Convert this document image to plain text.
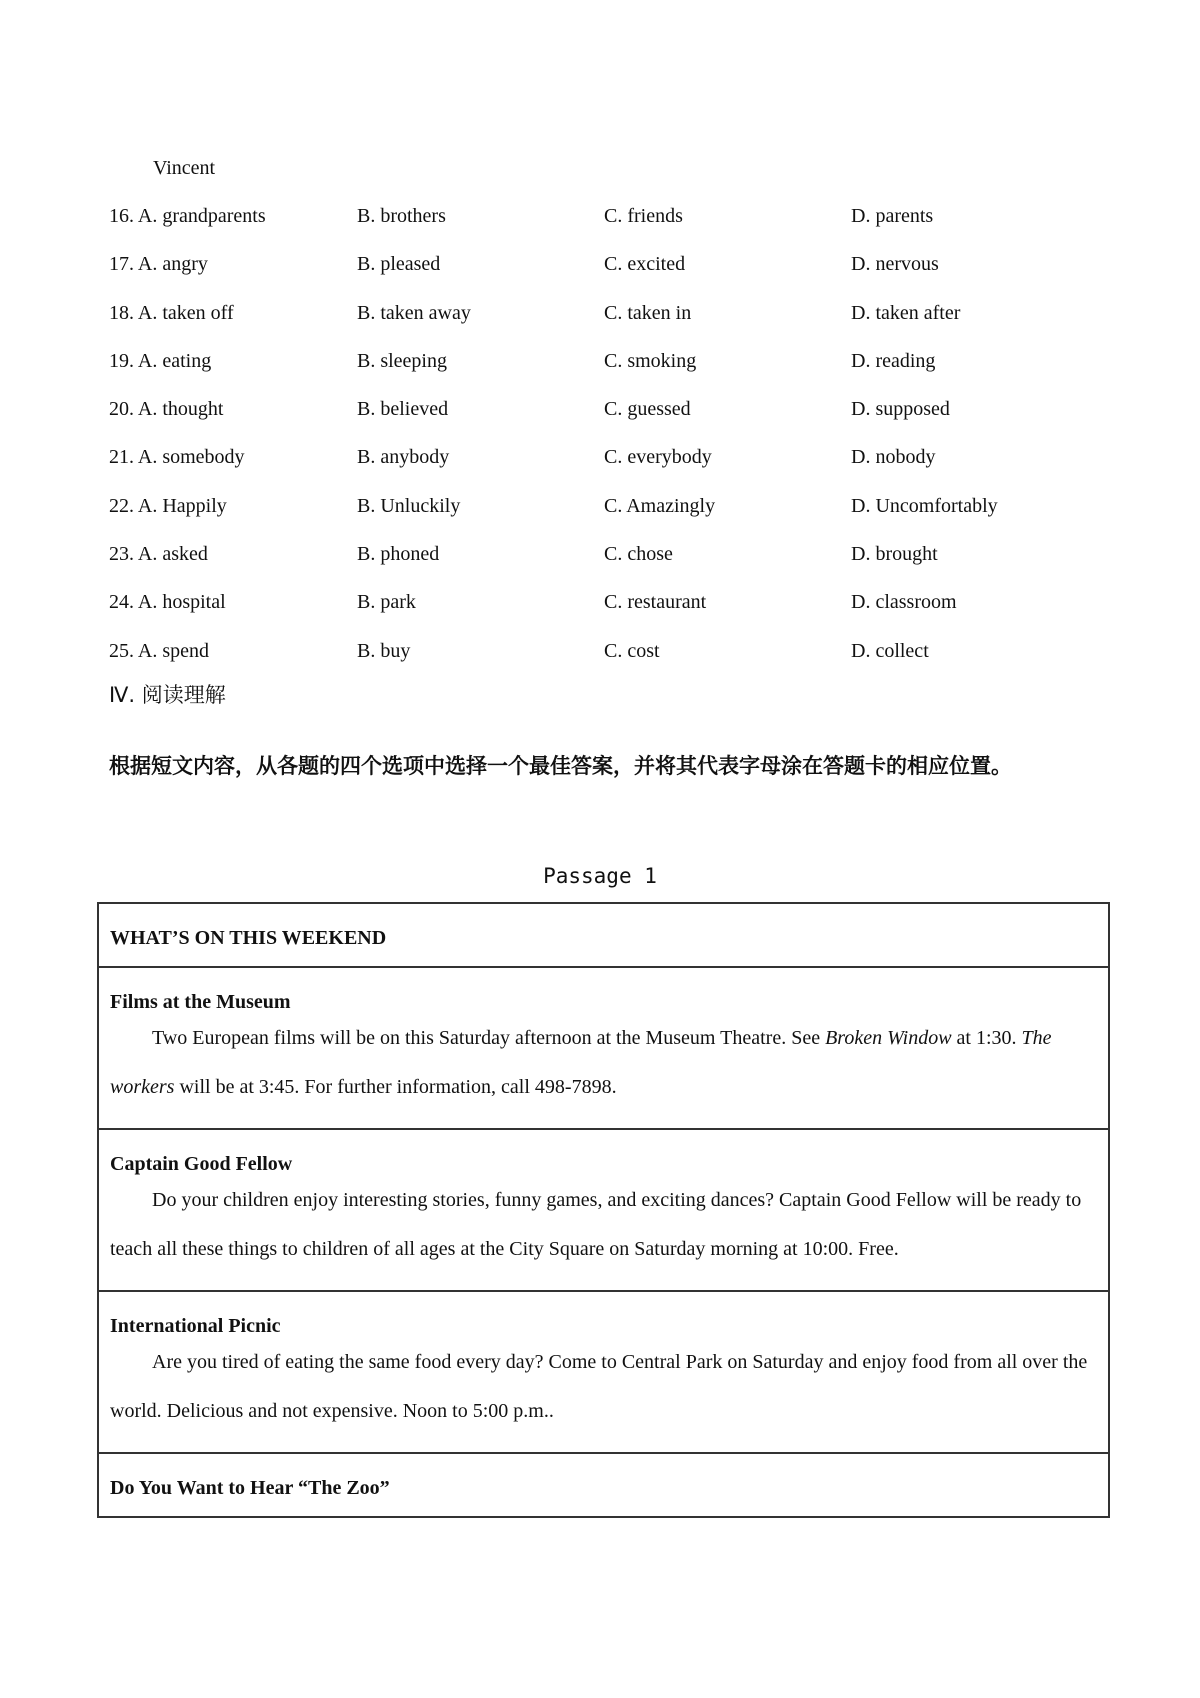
Vincent
16. A. grandparents	B. brothers	C. friends	D. parents
17. A. angry	B. pleased	C. excited	D. nervous
18. A. taken off	B. taken away	C. taken in	D. taken after
19. A. eating	B. sleeping	C. smoking	D. reading
20. A. thought	B. believed	C. guessed	D. supposed
21. A. somebody	B. anybody	C. everybody	D. nobody
22. A. Happily	B. Unluckily	C. Amazingly	D. Uncomfortably
23. A. asked	B. phoned	C. chose	D. brought
24. A. hospital	B. park	C. restaurant	D. classroom
25. A. spend	B. buy	C. cost	D. collect
Ⅳ. 阅读理解
根据短文内容，从各题的四个选项中选择一个最佳答案，并将其代表字母涂在答题卡的相应位置。
Passage 1
WHAT’S ON THIS WEEKEND
Films at the Museum
Two European films will be on this Saturday afternoon at the Museum Theatre. See Broken Window at 1:30. The workers will be at 3:45. For further information, call 498-7898.
Captain Good Fellow
Do your children enjoy interesting stories, funny games, and exciting dances? Captain Good Fellow will be ready to teach all these things to children of all ages at the City Square on Saturday morning at 10:00. Free.
International Picnic
Are you tired of eating the same food every day? Come to Central Park on Saturday and enjoy food from all over the world. Delicious and not expensive. Noon to 5:00 p.m..
Do You Want to Hear “The Zoo”
